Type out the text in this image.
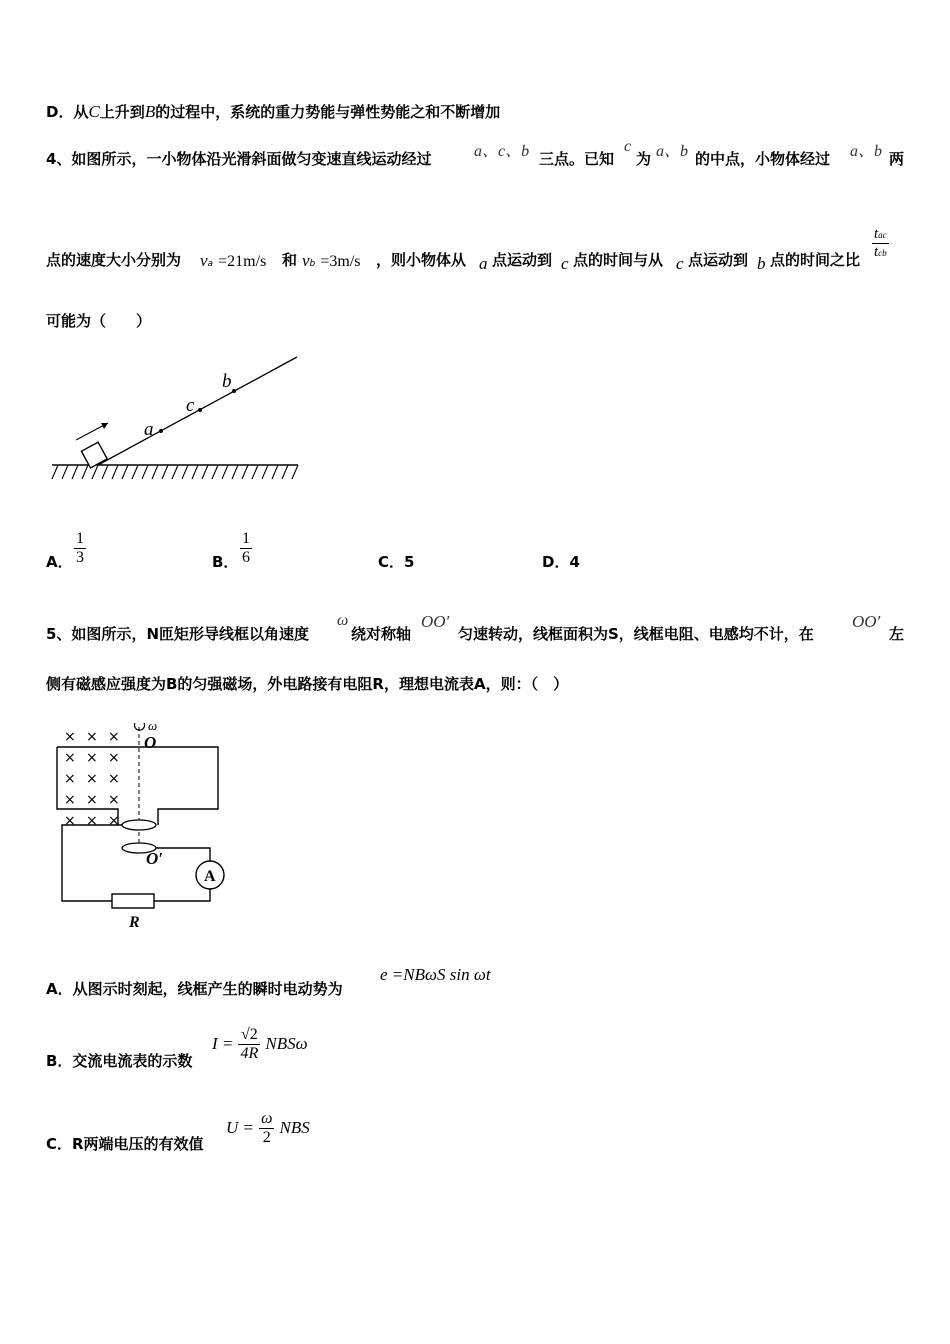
D．从C上升到B的过程中，系统的重力势能与弹性势能之和不断增加
4、如图所示，一小物体沿光滑斜面做匀变速直线运动经过	a、c、b 三点。已知
c
为 a、b 的中点，小物体经过 a、b 两
点的速度大小分别为 va =21m/s 和 vb =3m/s ，则小物体从 a 点运动到 c 点的时间与从 c 点运动到 b 点的时间之比 $\frac{\text{tac}}{\text{tcb}}$
可能为（　　）
a
c
b
A． $\frac{1}{3}$	B． $\frac{1}{6}$	C．5	D．4
5、如图所示，N匝矩形导线框以角速度
ω
绕对称轴
OO′
匀速转动，线框面积为S，线框电阻、电感均不计，在
OO′
左
侧有磁感应强度为B的匀强磁场，外电路接有电阻R，理想电流表A，则：（　）
A
R
O
O′
ω
× × ×
× × ×
× × ×
× × ×
× × ×
A．从图示时刻起，线框产生的瞬时电动势为
e =NBωS sin ωt
B．交流电流表的示数
$I = \frac{√2}{4R}$ NBSω
C．R两端电压的有效值
$U = \frac{\omega}{2}$ NBS
